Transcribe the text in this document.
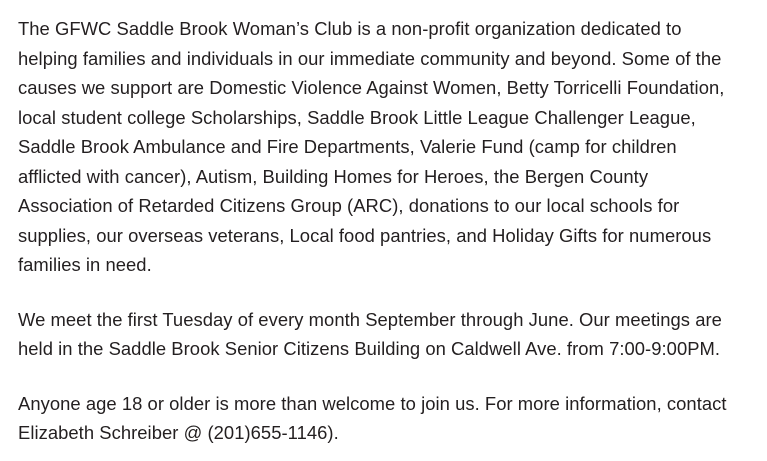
The GFWC Saddle Brook Woman’s Club is a non-profit organization dedicated to helping families and individuals in our immediate community and beyond. Some of the causes we support are Domestic Violence Against Women, Betty Torricelli Foundation, local student college Scholarships, Saddle Brook Little League Challenger League, Saddle Brook Ambulance and Fire Departments, Valerie Fund (camp for children afflicted with cancer), Autism, Building Homes for Heroes, the Bergen County Association of Retarded Citizens Group (ARC), donations to our local schools for supplies, our overseas veterans, Local food pantries, and Holiday Gifts for numerous families in need.

We meet the first Tuesday of every month September through June. Our meetings are held in the Saddle Brook Senior Citizens Building on Caldwell Ave. from 7:00-9:00PM.

Anyone age 18 or older is more than welcome to join us. For more information, contact Elizabeth Schreiber @ (201)655-1146).
